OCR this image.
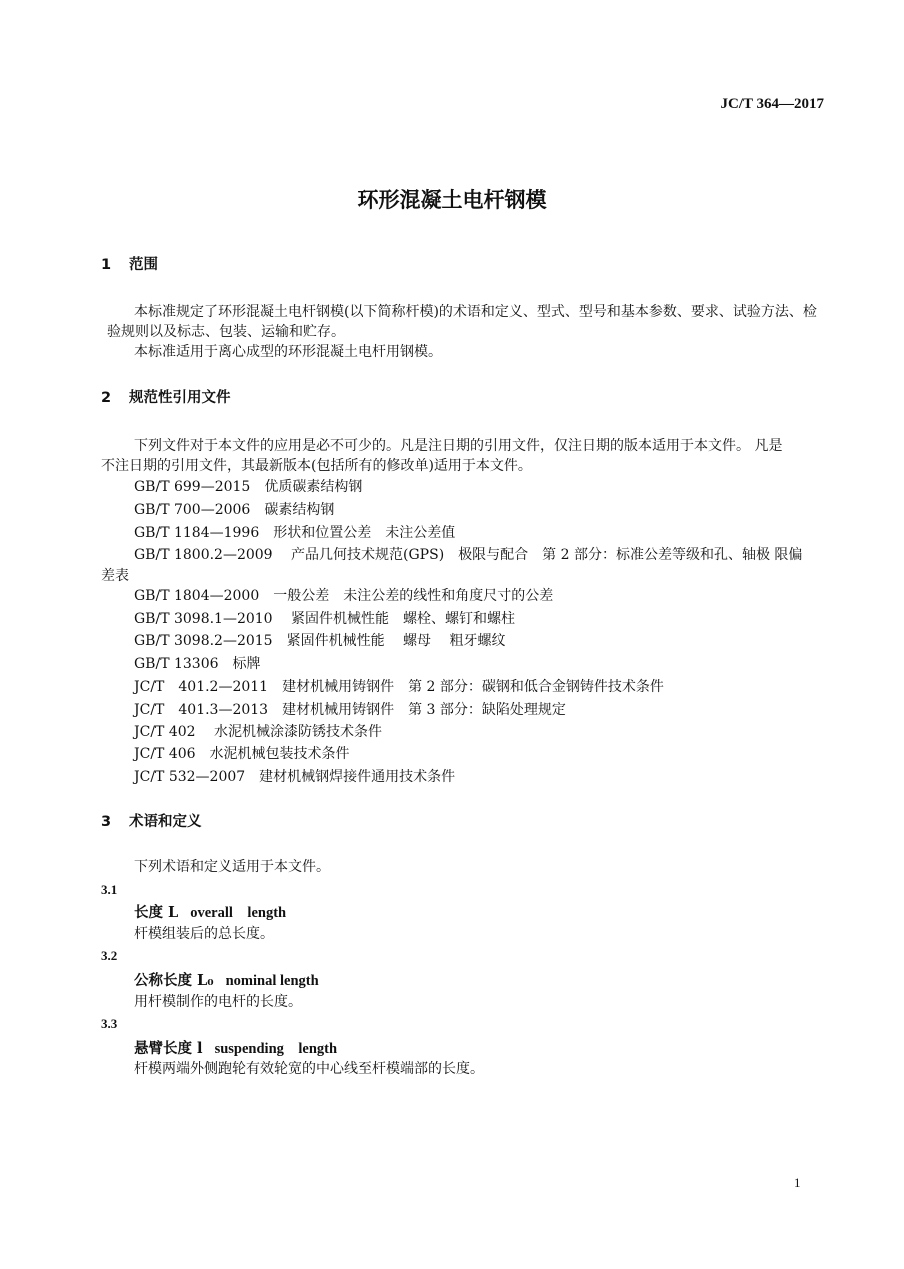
JC/T 364—2017
环形混凝土电杆钢模
1 范围
本标准规定了环形混凝土电杆钢模(以下简称杆模)的术语和定义、型式、型号和基本参数、要求、试验方法、检验规则以及标志、包装、运输和贮存。
本标准适用于离心成型的环形混凝土电杆用钢模。
2 规范性引用文件
下列文件对于本文件的应用是必不可少的。凡是注日期的引用文件，仅注日期的版本适用于本文件。 凡是不注日期的引用文件，其最新版本(包括所有的修改单)适用于本文件。
GB/T 699—2015　优质碳素结构钢
GB/T 700—2006　碳素结构钢
GB/T 1184—1996　形状和位置公差　未注公差值
GB/T 1800.2—2009　 产品几何技术规范(GPS)　极限与配合　第 2 部分：标准公差等级和孔、轴极 限偏差表
GB/T 1804—2000　一般公差　未注公差的线性和角度尺寸的公差
GB/T 3098.1—2010　 紧固件机械性能　螺栓、螺钉和螺柱
GB/T 3098.2—2015　紧固件机械性能　 螺母　 粗牙螺纹
GB/T 13306　标牌
JC/T　401.2—2011　建材机械用铸钢件　第 2 部分：碳钢和低合金钢铸件技术条件
JC/T　401.3—2013　建材机械用铸钢件　第 3 部分：缺陷处理规定
JC/T 402　 水泥机械涂漆防锈技术条件
JC/T 406　水泥机械包装技术条件
JC/T 532—2007　建材机械钢焊接件通用技术条件
3 术语和定义
下列术语和定义适用于本文件。
3.1
长度 L overall　length
杆模组装后的总长度。
3.2
公称长度 L₀ nominal length
用杆模制作的电杆的长度。
3.3
悬臂长度 l suspending　length
杆模两端外侧跑轮有效轮宽的中心线至杆模端部的长度。
1
